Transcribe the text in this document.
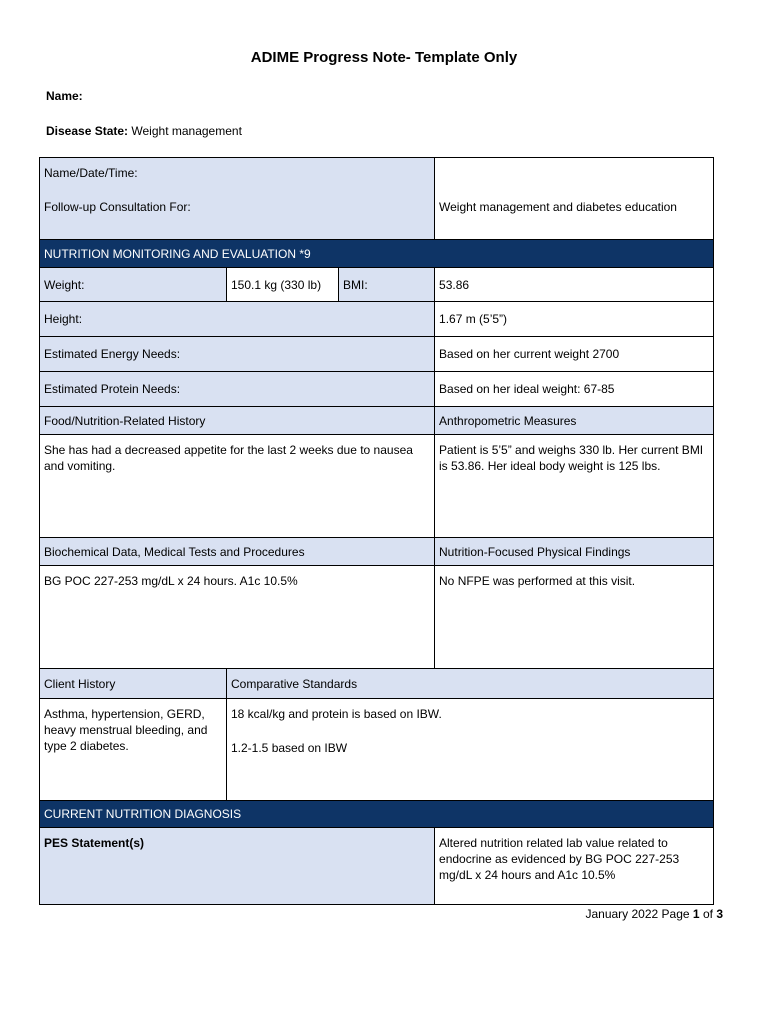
ADIME Progress Note- Template Only
Name:
Disease State: Weight management

Name/Date/Time:

Follow-up Consultation For:			Weight management and diabetes education

NUTRITION MONITORING AND EVALUATION *9			
Weight:	150.1 kg (330 lb)	BMI:	53.86
Height:			1.67 m (5’5”)
Estimated Energy Needs:			Based on her current weight 2700
Estimated Protein Needs:			Based on her ideal weight: 67-85
Food/Nutrition-Related History			Anthropometric Measures
She has had a decreased appetite for the last 2 weeks due to nausea and vomiting.			Patient is 5’5” and weighs 330 lb. Her current BMI is 53.86. Her ideal body weight is 125 lbs.
Biochemical Data, Medical Tests and Procedures			Nutrition-Focused Physical Findings
BG POC 227-253 mg/dL x 24 hours. A1c 10.5%			No NFPE was performed at this visit.
Client History	Comparative Standards		
Asthma, hypertension, GERD, heavy menstrual bleeding, and type 2 diabetes.	18 kcal/kg and protein is based on IBW.

1.2-1.5 based on IBW		

CURRENT NUTRITION DIAGNOSIS			
PES Statement(s)			Altered nutrition related lab value related to endocrine as evidenced by BG POC 227-253 mg/dL x 24 hours and A1c 10.5%
January 2022 Page 1 of 3
